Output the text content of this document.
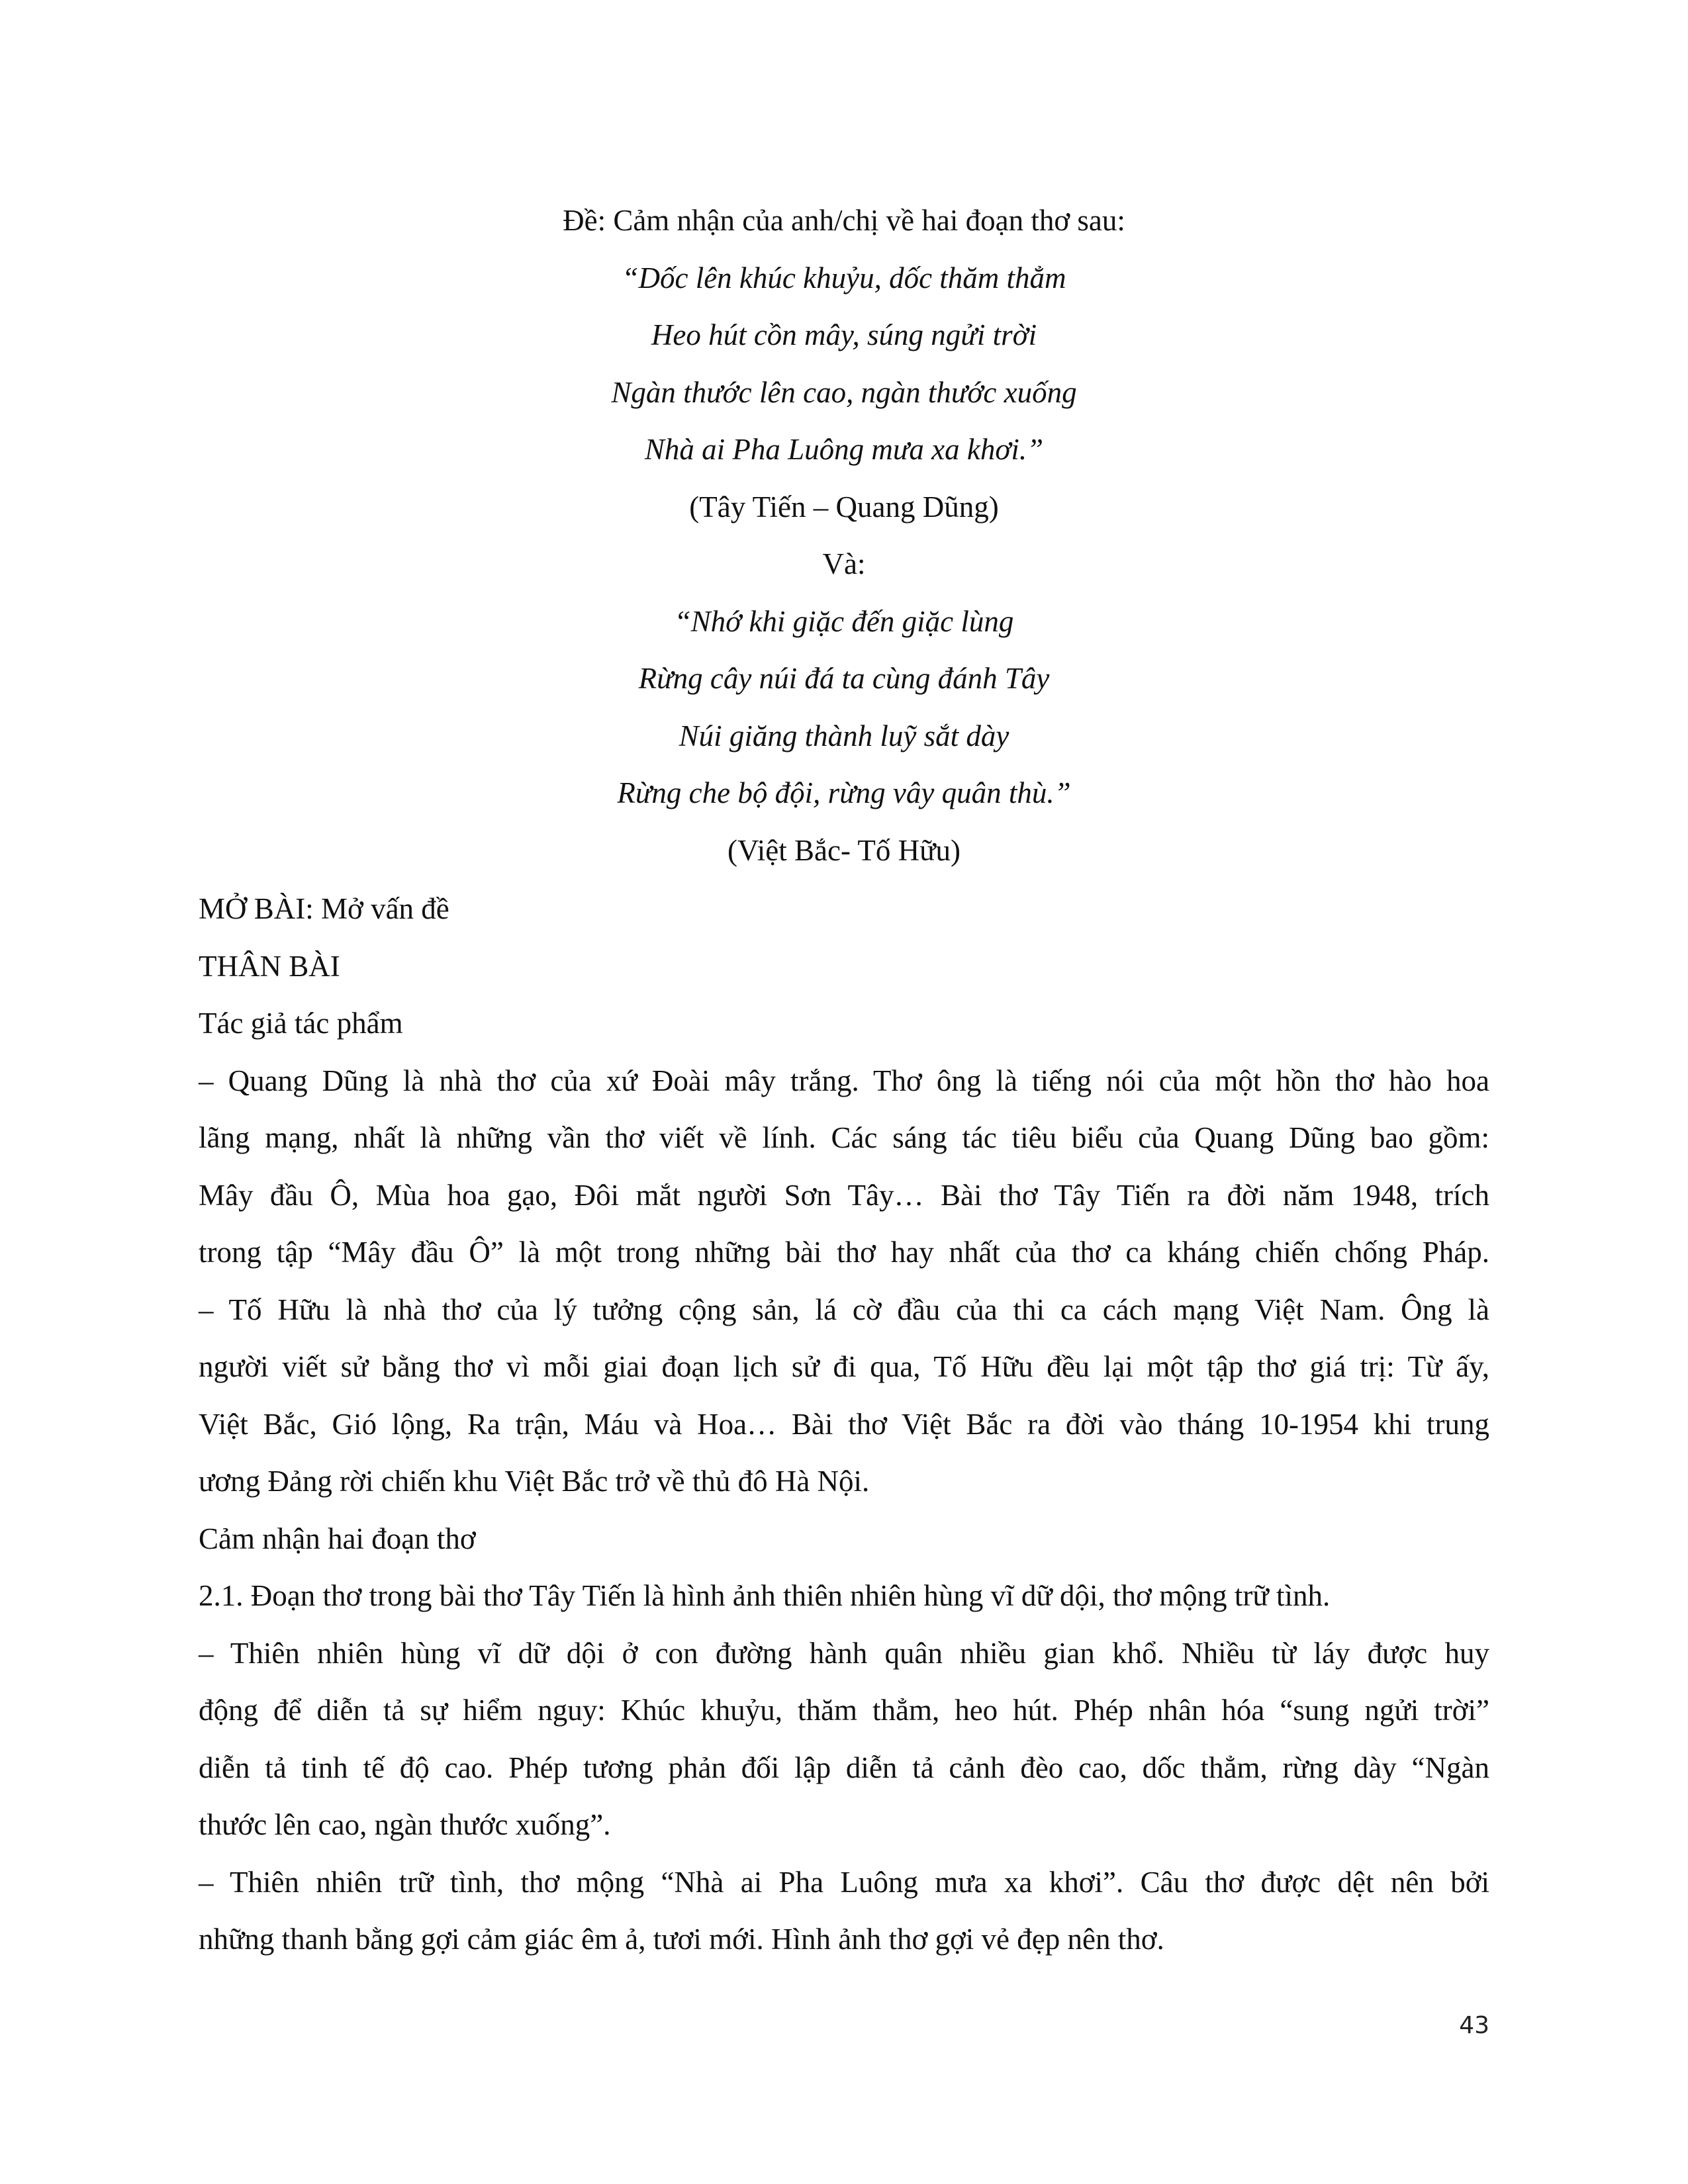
Đề: Cảm nhận của anh/chị về hai đoạn thơ sau:
“Dốc lên khúc khuỷu, dốc thăm thẳm
Heo hút cồn mây, súng ngửi trời
Ngàn thước lên cao, ngàn thước xuống
Nhà ai Pha Luông mưa xa khơi.”
(Tây Tiến – Quang Dũng)
Và:
“Nhớ khi giặc đến giặc lùng
Rừng cây núi đá ta cùng đánh Tây
Núi giăng thành luỹ sắt dày
Rừng che bộ đội, rừng vây quân thù.”
(Việt Bắc- Tố Hữu)
MỞ BÀI: Mở vấn đề
THÂN BÀI
Tác giả tác phẩm
– Quang Dũng là nhà thơ của xứ Đoài mây trắng. Thơ ông là tiếng nói của một hồn thơ hào hoa
lãng mạng, nhất là những vần thơ viết về lính. Các sáng tác tiêu biểu của Quang Dũng bao gồm:
Mây đầu Ô, Mùa hoa gạo, Đôi mắt người Sơn Tây… Bài thơ Tây Tiến ra đời năm 1948, trích
trong tập “Mây đầu Ô” là một trong những bài thơ hay nhất của thơ ca kháng chiến chống Pháp.
– Tố Hữu là nhà thơ của lý tưởng cộng sản, lá cờ đầu của thi ca cách mạng Việt Nam. Ông là
người viết sử bằng thơ vì mỗi giai đoạn lịch sử đi qua, Tố Hữu đều lại một tập thơ giá trị: Từ ấy,
Việt Bắc, Gió lộng, Ra trận, Máu và Hoa… Bài thơ Việt Bắc ra đời vào tháng 10-1954 khi trung
ương Đảng rời chiến khu Việt Bắc trở về thủ đô Hà Nội.
Cảm nhận hai đoạn thơ
2.1. Đoạn thơ trong bài thơ Tây Tiến là hình ảnh thiên nhiên hùng vĩ dữ dội, thơ mộng trữ tình.
– Thiên nhiên hùng vĩ dữ dội ở con đường hành quân nhiều gian khổ. Nhiều từ láy được huy
động để diễn tả sự hiểm nguy: Khúc khuỷu, thăm thẳm, heo hút. Phép nhân hóa “sung ngửi trời”
diễn tả tinh tế độ cao. Phép tương phản đối lập diễn tả cảnh đèo cao, dốc thẳm, rừng dày “Ngàn
thước lên cao, ngàn thước xuống”.
– Thiên nhiên trữ tình, thơ mộng “Nhà ai Pha Luông mưa xa khơi”. Câu thơ được dệt nên bởi
những thanh bằng gợi cảm giác êm ả, tươi mới. Hình ảnh thơ gợi vẻ đẹp nên thơ.
43
